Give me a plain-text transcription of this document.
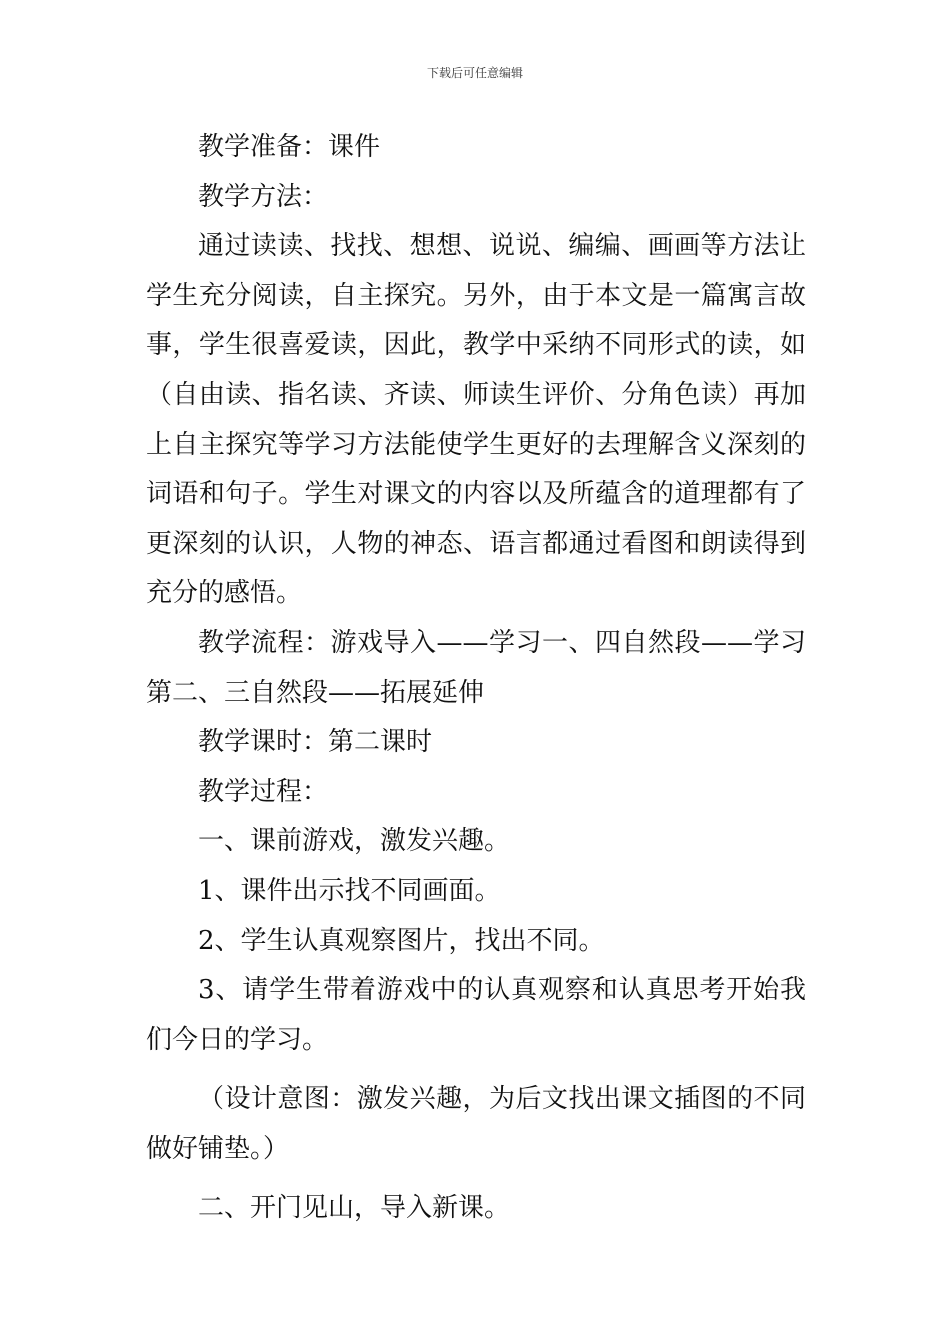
下载后可任意编辑

教学准备：课件

教学方法：

通过读读、找找、想想、说说、编编、画画等方法让学生充分阅读，自主探究。另外，由于本文是一篇寓言故事，学生很喜爱读，因此，教学中采纳不同形式的读，如（自由读、指名读、齐读、师读生评价、分角色读）再加上自主探究等学习方法能使学生更好的去理解含义深刻的词语和句子。学生对课文的内容以及所蕴含的道理都有了更深刻的认识，人物的神态、语言都通过看图和朗读得到充分的感悟。

教学流程：游戏导入——学习一、四自然段——学习第二、三自然段——拓展延伸

教学课时：第二课时

教学过程：

一、课前游戏，激发兴趣。

1、课件出示找不同画面。

2、学生认真观察图片，找出不同。

3、请学生带着游戏中的认真观察和认真思考开始我们今日的学习。

（设计意图：激发兴趣，为后文找出课文插图的不同做好铺垫。）

二、开门见山，导入新课。
